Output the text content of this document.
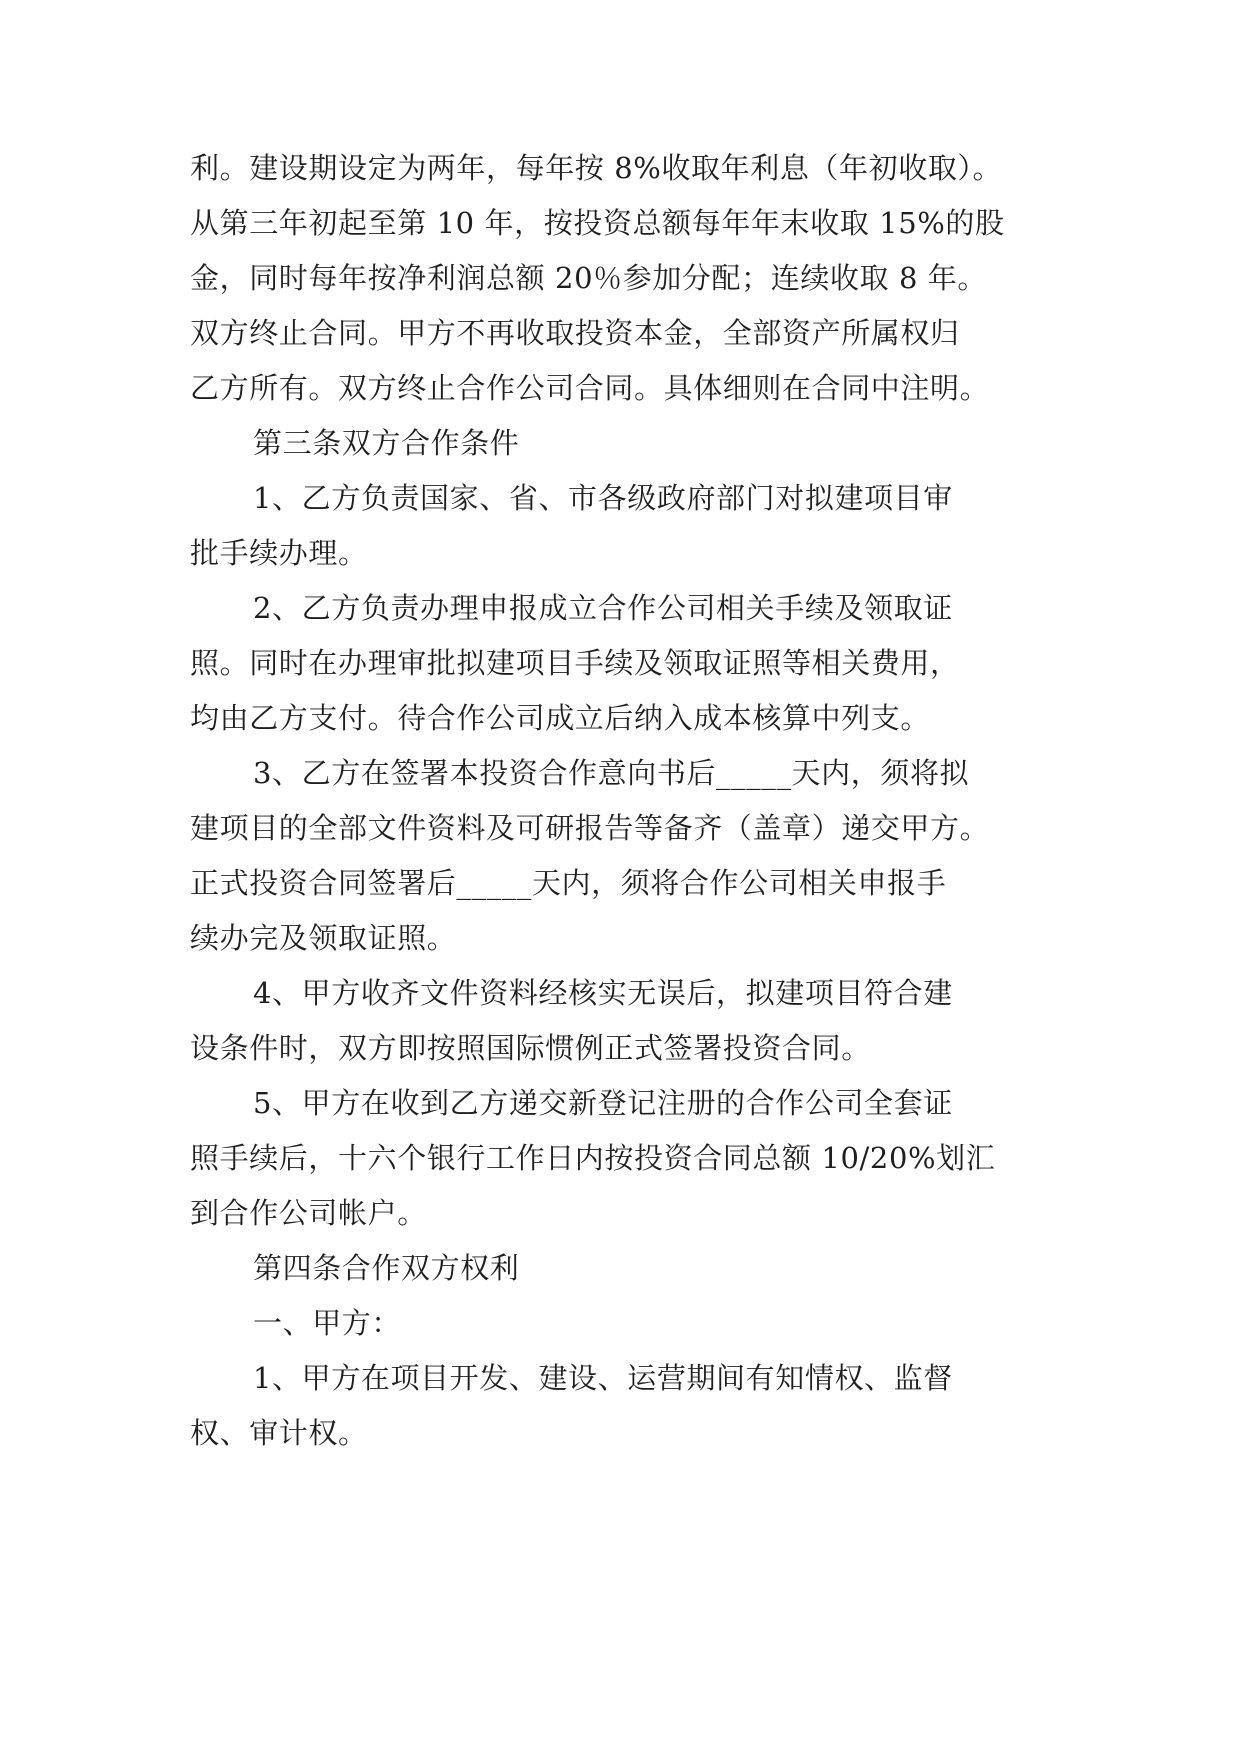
利。建设期设定为两年，每年按 8%收取年利息（年初收取）。

从第三年初起至第 10 年，按投资总额每年年末收取 15%的股

金，同时每年按净利润总额 20％参加分配；连续收取 8 年。

双方终止合同。甲方不再收取投资本金，全部资产所属权归

乙方所有。双方终止合作公司合同。具体细则在合同中注明。

第三条双方合作条件

1、乙方负责国家、省、市各级政府部门对拟建项目审

批手续办理。

2、乙方负责办理申报成立合作公司相关手续及领取证

照。同时在办理审批拟建项目手续及领取证照等相关费用，

均由乙方支付。待合作公司成立后纳入成本核算中列支。

3、乙方在签署本投资合作意向书后_____天内，须将拟

建项目的全部文件资料及可研报告等备齐（盖章）递交甲方。

正式投资合同签署后_____天内，须将合作公司相关申报手

续办完及领取证照。

4、甲方收齐文件资料经核实无误后，拟建项目符合建

设条件时，双方即按照国际惯例正式签署投资合同。

5、甲方在收到乙方递交新登记注册的合作公司全套证

照手续后，十六个银行工作日内按投资合同总额 10/20%划汇

到合作公司帐户。

第四条合作双方权利

一、甲方：

1、甲方在项目开发、建设、运营期间有知情权、监督

权、审计权。
